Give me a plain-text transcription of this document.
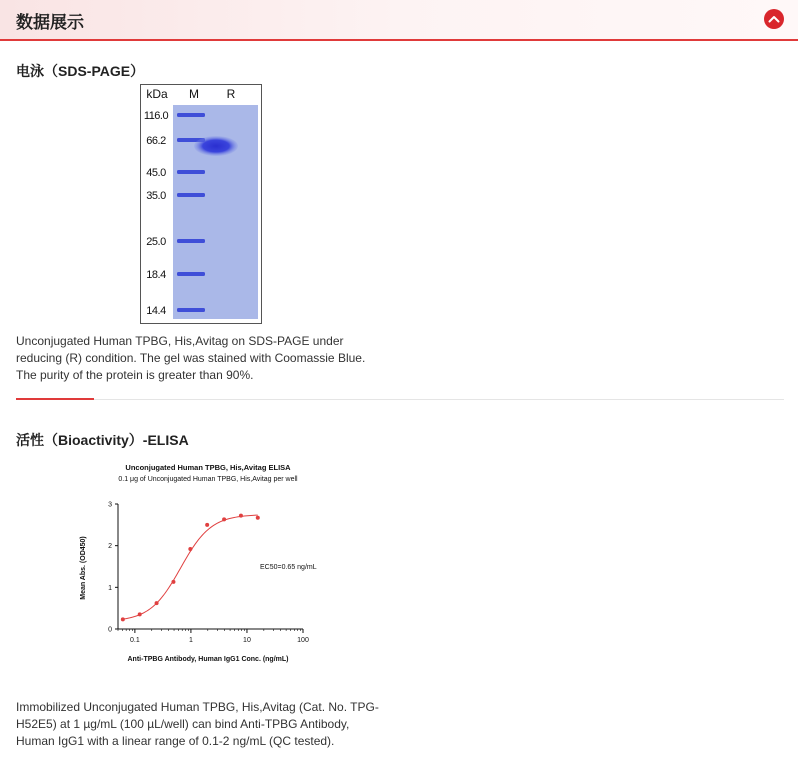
数据展示
电泳（SDS-PAGE）
kDa M R
116.0
66.2
45.0
35.0
25.0
18.4
14.4
Unconjugated Human TPBG, His,Avitag on SDS-PAGE under reducing (R) condition. The gel was stained with Coomassie Blue. The purity of the protein is greater than 90%.
活性（Bioactivity）-ELISA
Unconjugated Human TPBG, His,Avitag ELISA
0.1 μg of Unconjugated Human TPBG, His,Avitag per well
0
1
2
3
0.1	1	10	100
EC50=0.65 ng/mL
Anti-TPBG Antibody, Human IgG1 Conc. (ng/mL)
Mean Abs. (OD450)
Immobilized Unconjugated Human TPBG, His,Avitag (Cat. No. TPG-H52E5) at 1 µg/mL (100 µL/well) can bind Anti-TPBG Antibody, Human IgG1 with a linear range of 0.1-2 ng/mL (QC tested).
